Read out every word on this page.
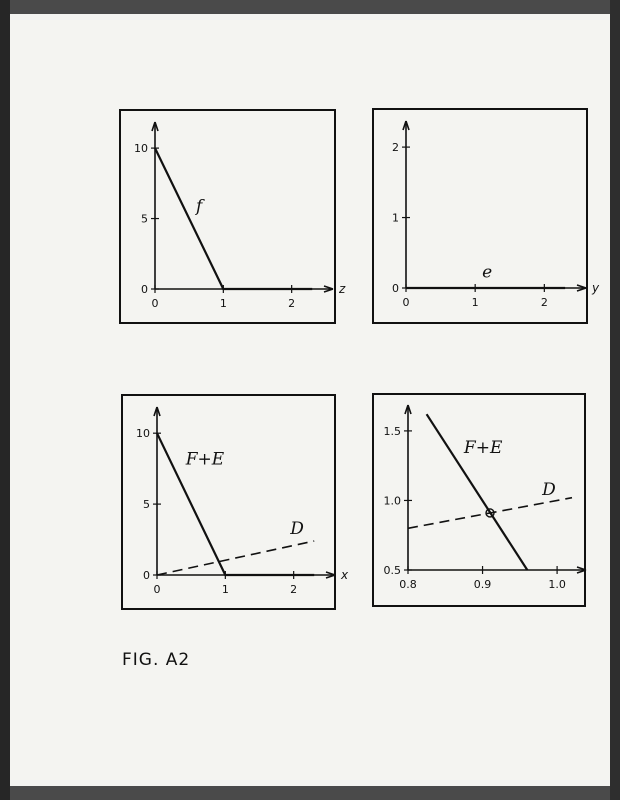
0	1	2
0
5
10
z
f
0	1	2
0
1
2
y
e
0	1	2
0
5
10
x
F+E
D
0.8	0.9	1.0
0.5
1.0
1.5
F+E
D
FIG. A2
